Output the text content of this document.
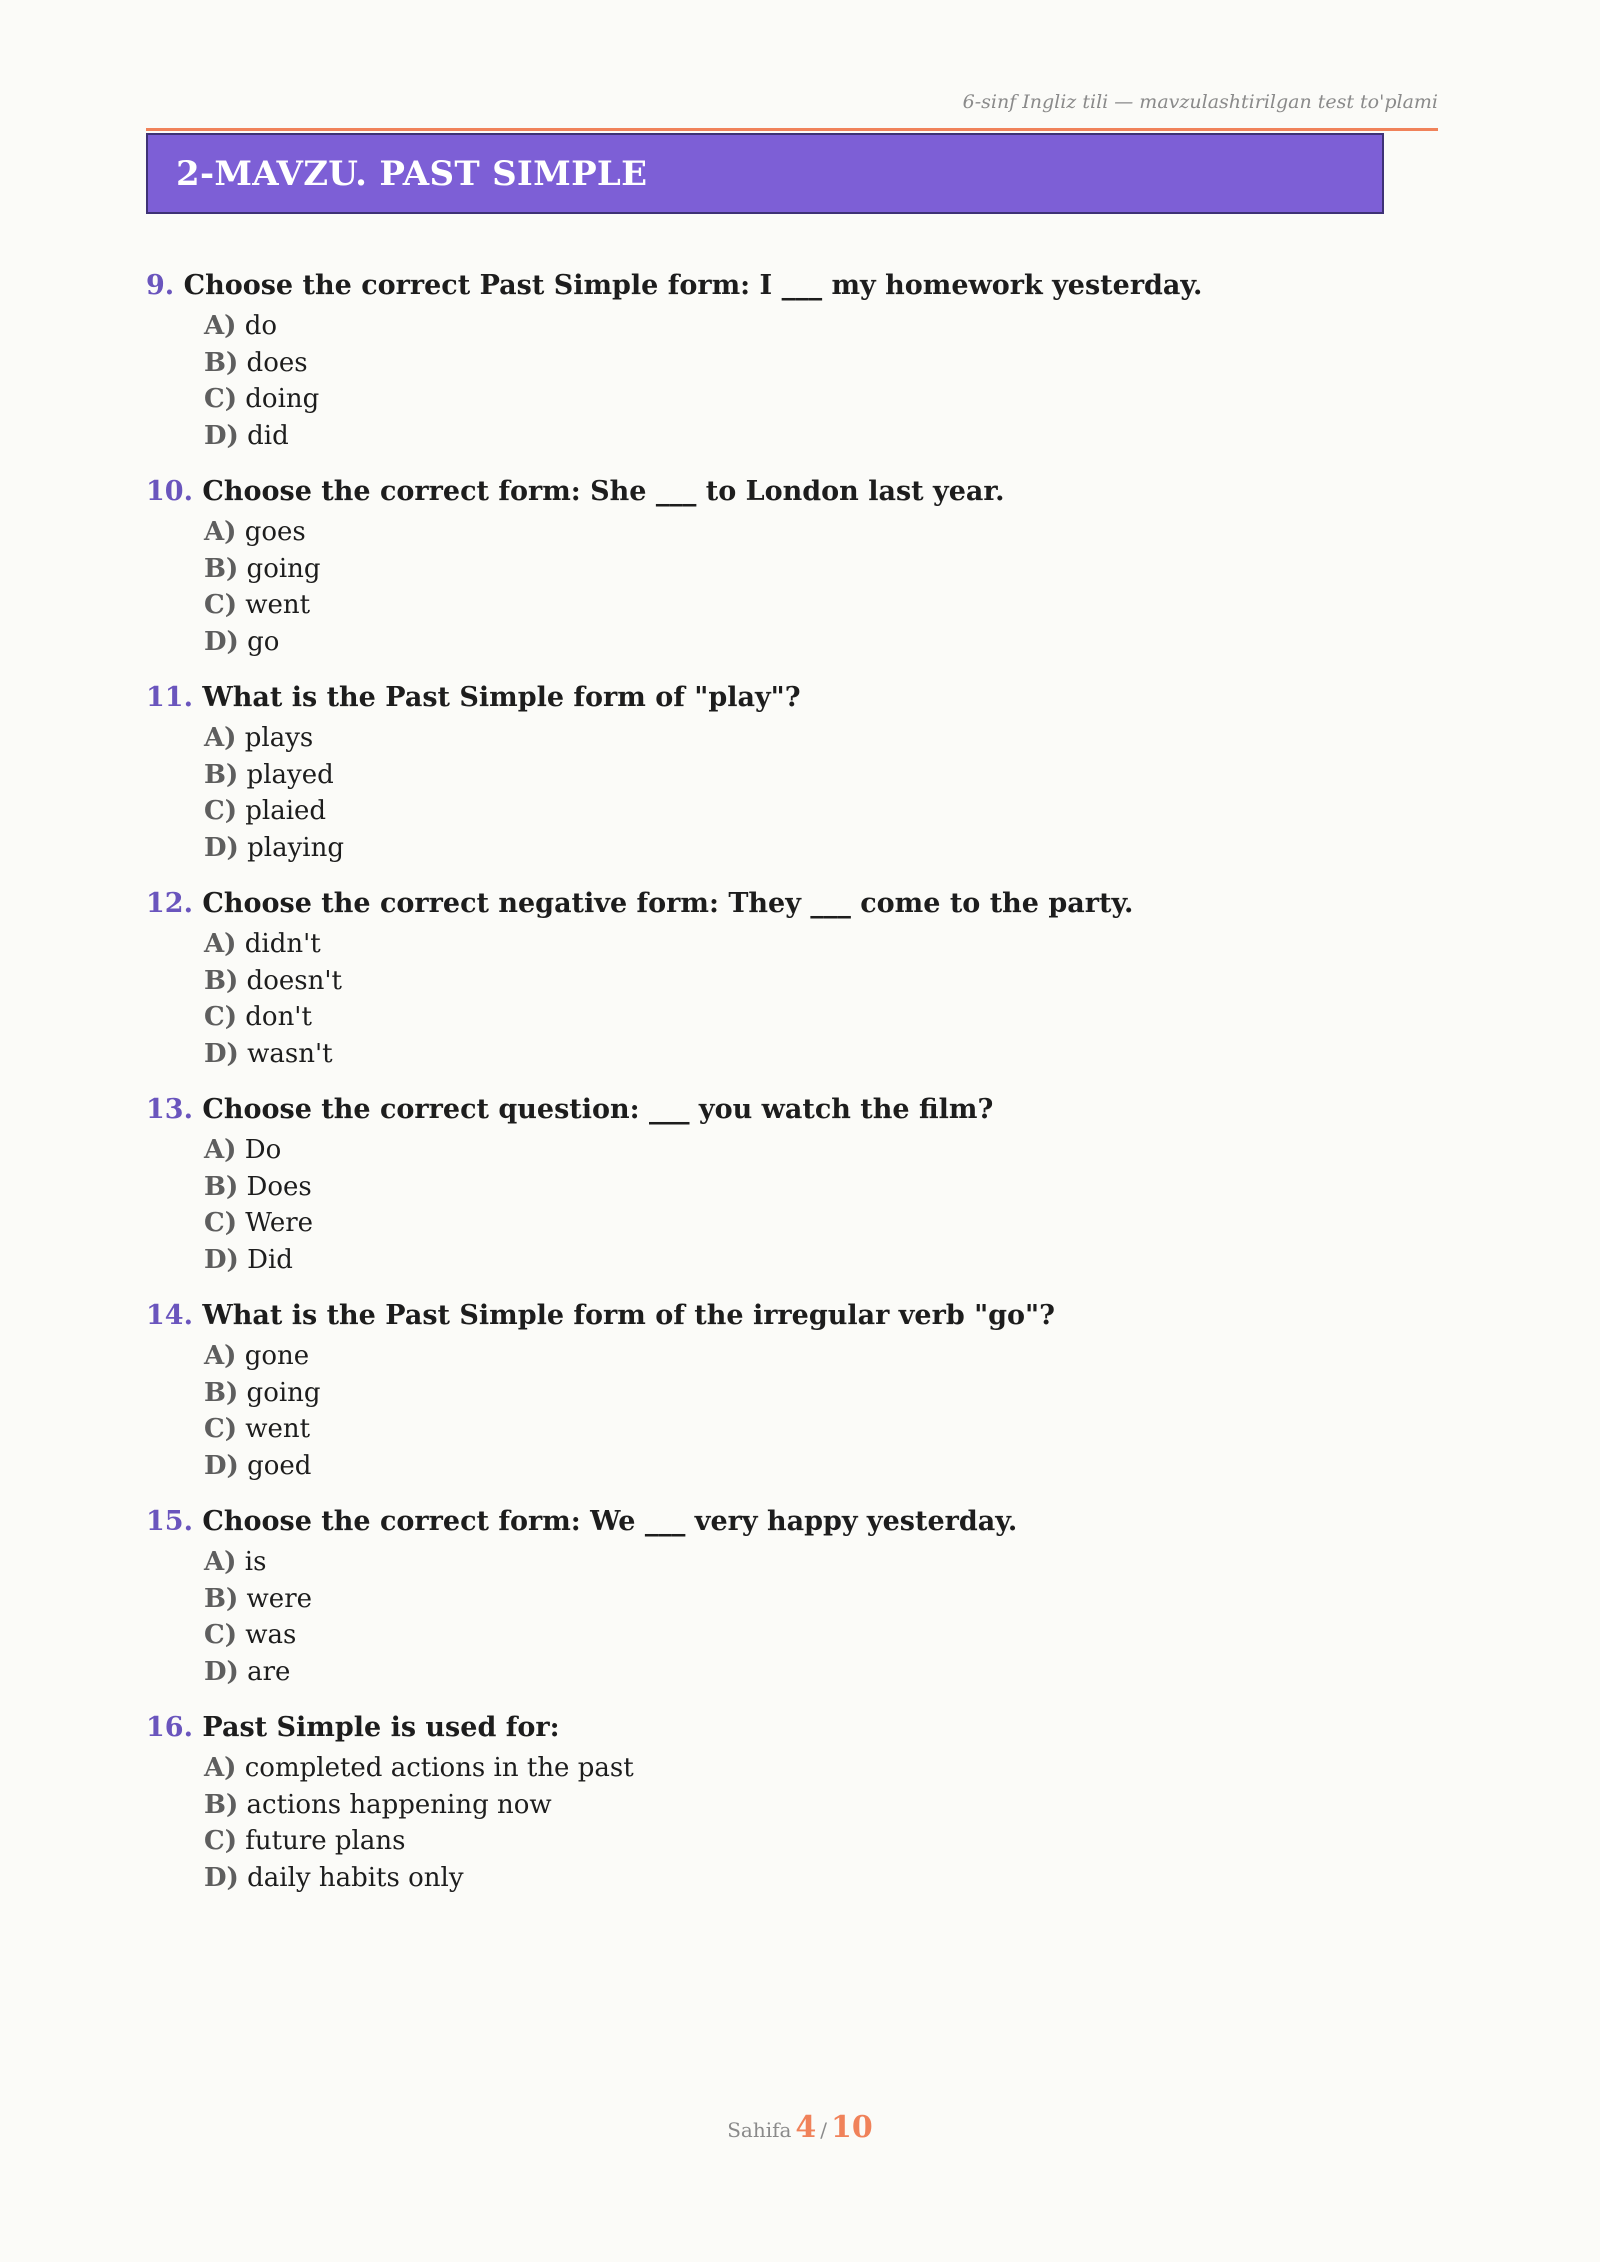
6-sinf Ingliz tili — mavzulashtirilgan test to'plami
2-MAVZU. PAST SIMPLE
9. Choose the correct Past Simple form: I ___ my homework yesterday.
A) do
B) does
C) doing
D) did
10. Choose the correct form: She ___ to London last year.
A) goes
B) going
C) went
D) go
11. What is the Past Simple form of "play"?
A) plays
B) played
C) plaied
D) playing
12. Choose the correct negative form: They ___ come to the party.
A) didn't
B) doesn't
C) don't
D) wasn't
13. Choose the correct question: ___ you watch the film?
A) Do
B) Does
C) Were
D) Did
14. What is the Past Simple form of the irregular verb "go"?
A) gone
B) going
C) went
D) goed
15. Choose the correct form: We ___ very happy yesterday.
A) is
B) were
C) was
D) are
16. Past Simple is used for:
A) completed actions in the past
B) actions happening now
C) future plans
D) daily habits only
Sahifa 4 / 10
